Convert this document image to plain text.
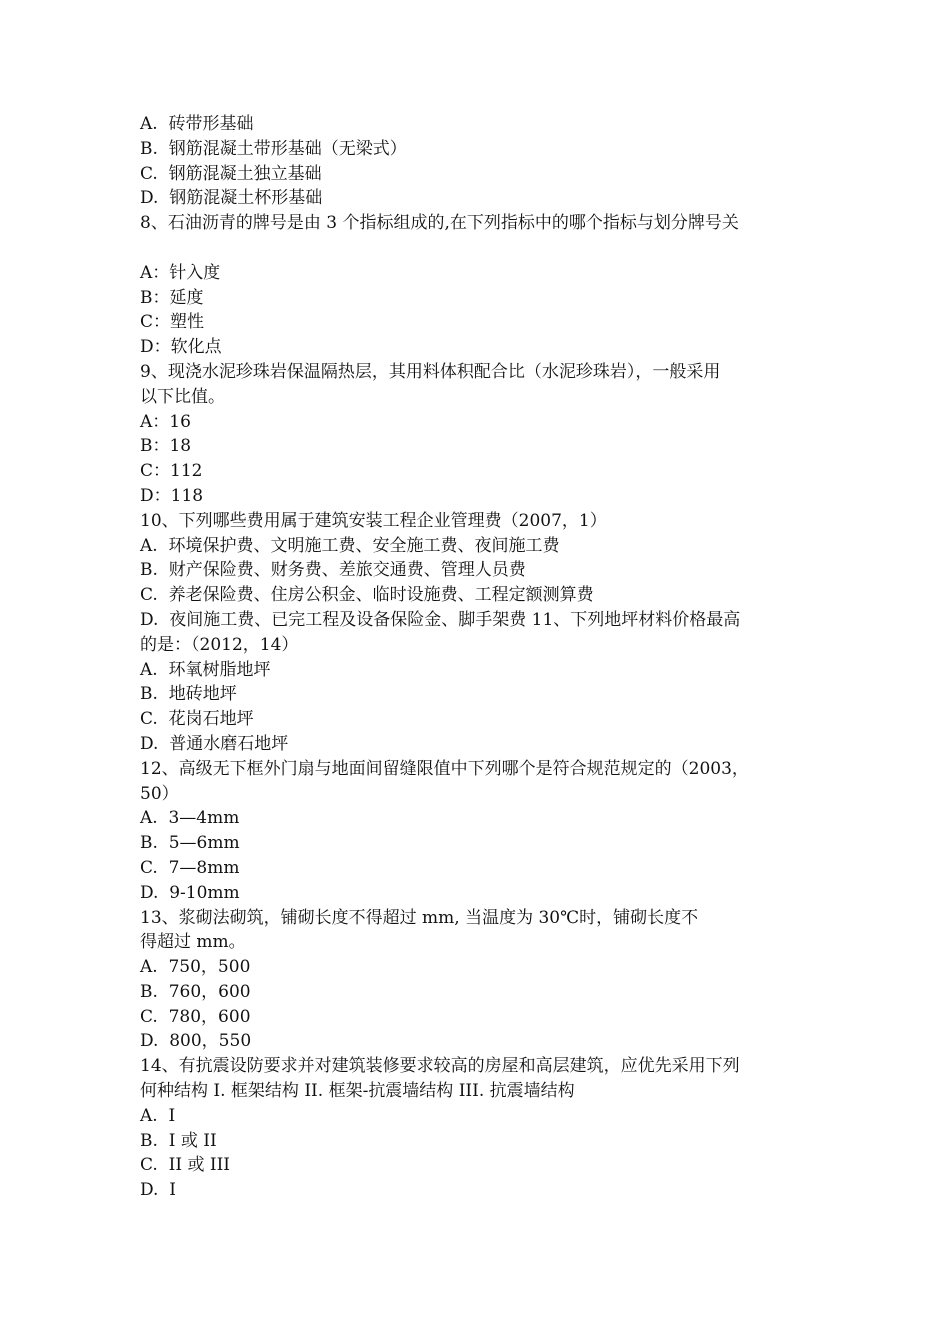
A.  砖带形基础
B.  钢筋混凝土带形基础（无梁式）
C.  钢筋混凝土独立基础
D.  钢筋混凝土杯形基础
8、石油沥青的牌号是由 3 个指标组成的,在下列指标中的哪个指标与划分牌号关
A：针入度
B：延度
C：塑性
D：软化点
9、现浇水泥珍珠岩保温隔热层，其用料体积配合比（水泥珍珠岩），一般采用
以下比值。
A：16
B：18
C：112
D：118
10、下列哪些费用属于建筑安装工程企业管理费（2007，1）
A.  环境保护费、文明施工费、安全施工费、夜间施工费
B.  财产保险费、财务费、差旅交通费、管理人员费
C.  养老保险费、住房公积金、临时设施费、工程定额测算费
D.  夜间施工费、已完工程及设备保险金、脚手架费 11、下列地坪材料价格最高
的是：（2012，14）
A.  环氧树脂地坪
B.  地砖地坪
C.  花岗石地坪
D.  普通水磨石地坪
12、高级无下框外门扇与地面间留缝限值中下列哪个是符合规范规定的（2003，
50）
A.  3—4mm
B.  5—6mm
C.  7—8mm
D.  9-10mm
13、浆砌法砌筑，铺砌长度不得超过 mm, 当温度为 30℃时，铺砌长度不
得超过 mm。
A.  750，500
B.  760，600
C.  780，600
D.  800，550
14、有抗震设防要求并对建筑装修要求较高的房屋和高层建筑，应优先采用下列
何种结构 I. 框架结构 II. 框架-抗震墙结构 III. 抗震墙结构
A.  I
B.  I 或 II
C.  II 或 III
D.  I
